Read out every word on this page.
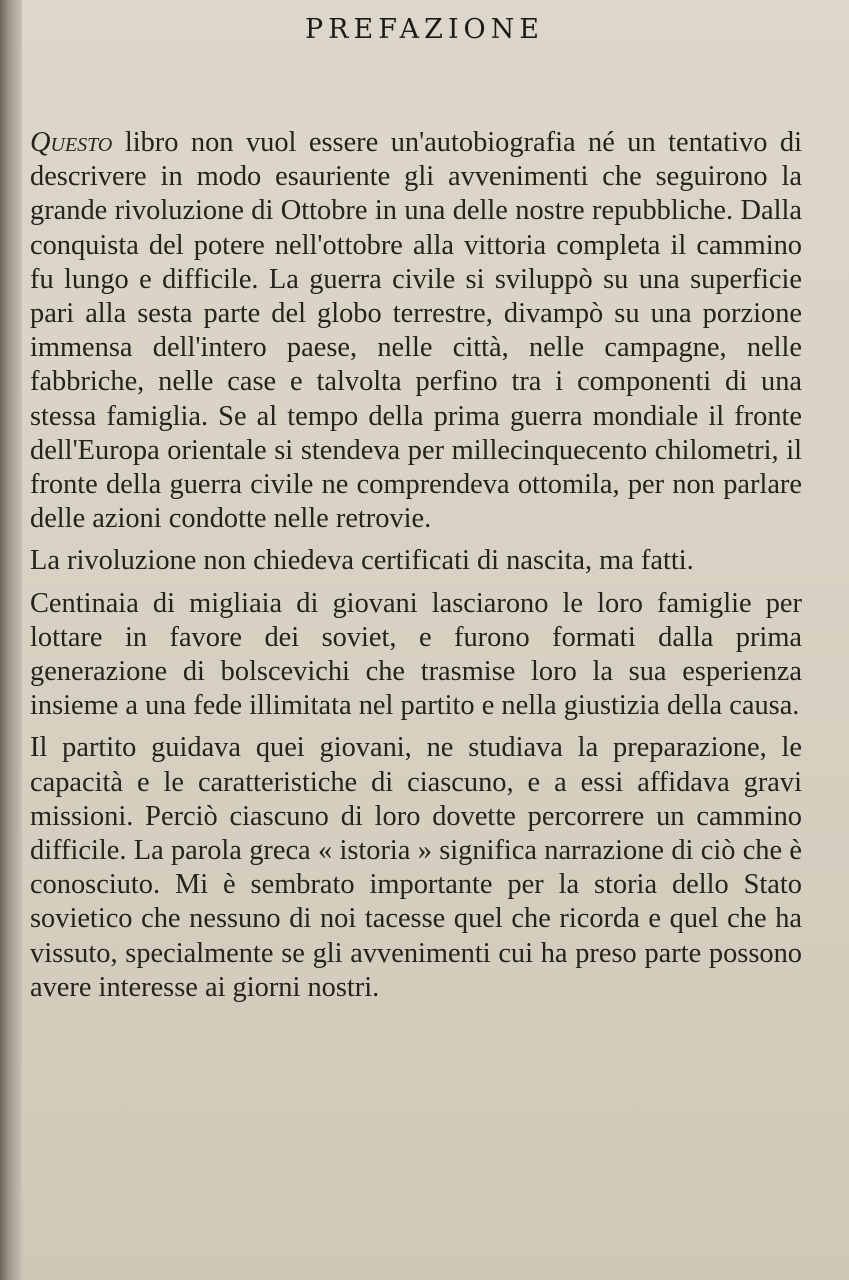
PREFAZIONE

Questo libro non vuol essere un'autobiografia né un tentativo di descrivere in modo esauriente gli avvenimenti che seguirono la grande rivoluzione di Ottobre in una delle nostre repubbliche. Dalla conquista del potere nell'ottobre alla vittoria completa il cammino fu lungo e difficile. La guerra civile si sviluppò su una superficie pari alla sesta parte del globo terrestre, divampò su una porzione immensa dell'intero paese, nelle città, nelle campagne, nelle fabbriche, nelle case e talvolta perfino tra i componenti di una stessa famiglia. Se al tempo della prima guerra mondiale il fronte dell'Europa orientale si stendeva per millecinquecento chilometri, il fronte della guerra civile ne comprendeva ottomila, per non parlare delle azioni condotte nelle retrovie.

La rivoluzione non chiedeva certificati di nascita, ma fatti.

Centinaia di migliaia di giovani lasciarono le loro famiglie per lottare in favore dei soviet, e furono formati dalla prima generazione di bolscevichi che trasmise loro la sua esperienza insieme a una fede illimitata nel partito e nella giustizia della causa.

Il partito guidava quei giovani, ne studiava la preparazione, le capacità e le caratteristiche di ciascuno, e a essi affidava gravi missioni. Perciò ciascuno di loro dovette percorrere un cammino difficile. La parola greca « istoria » significa narrazione di ciò che è conosciuto. Mi è sembrato importante per la storia dello Stato sovietico che nessuno di noi tacesse quel che ricorda e quel che ha vissuto, specialmente se gli avvenimenti cui ha preso parte possono avere interesse ai giorni nostri.
